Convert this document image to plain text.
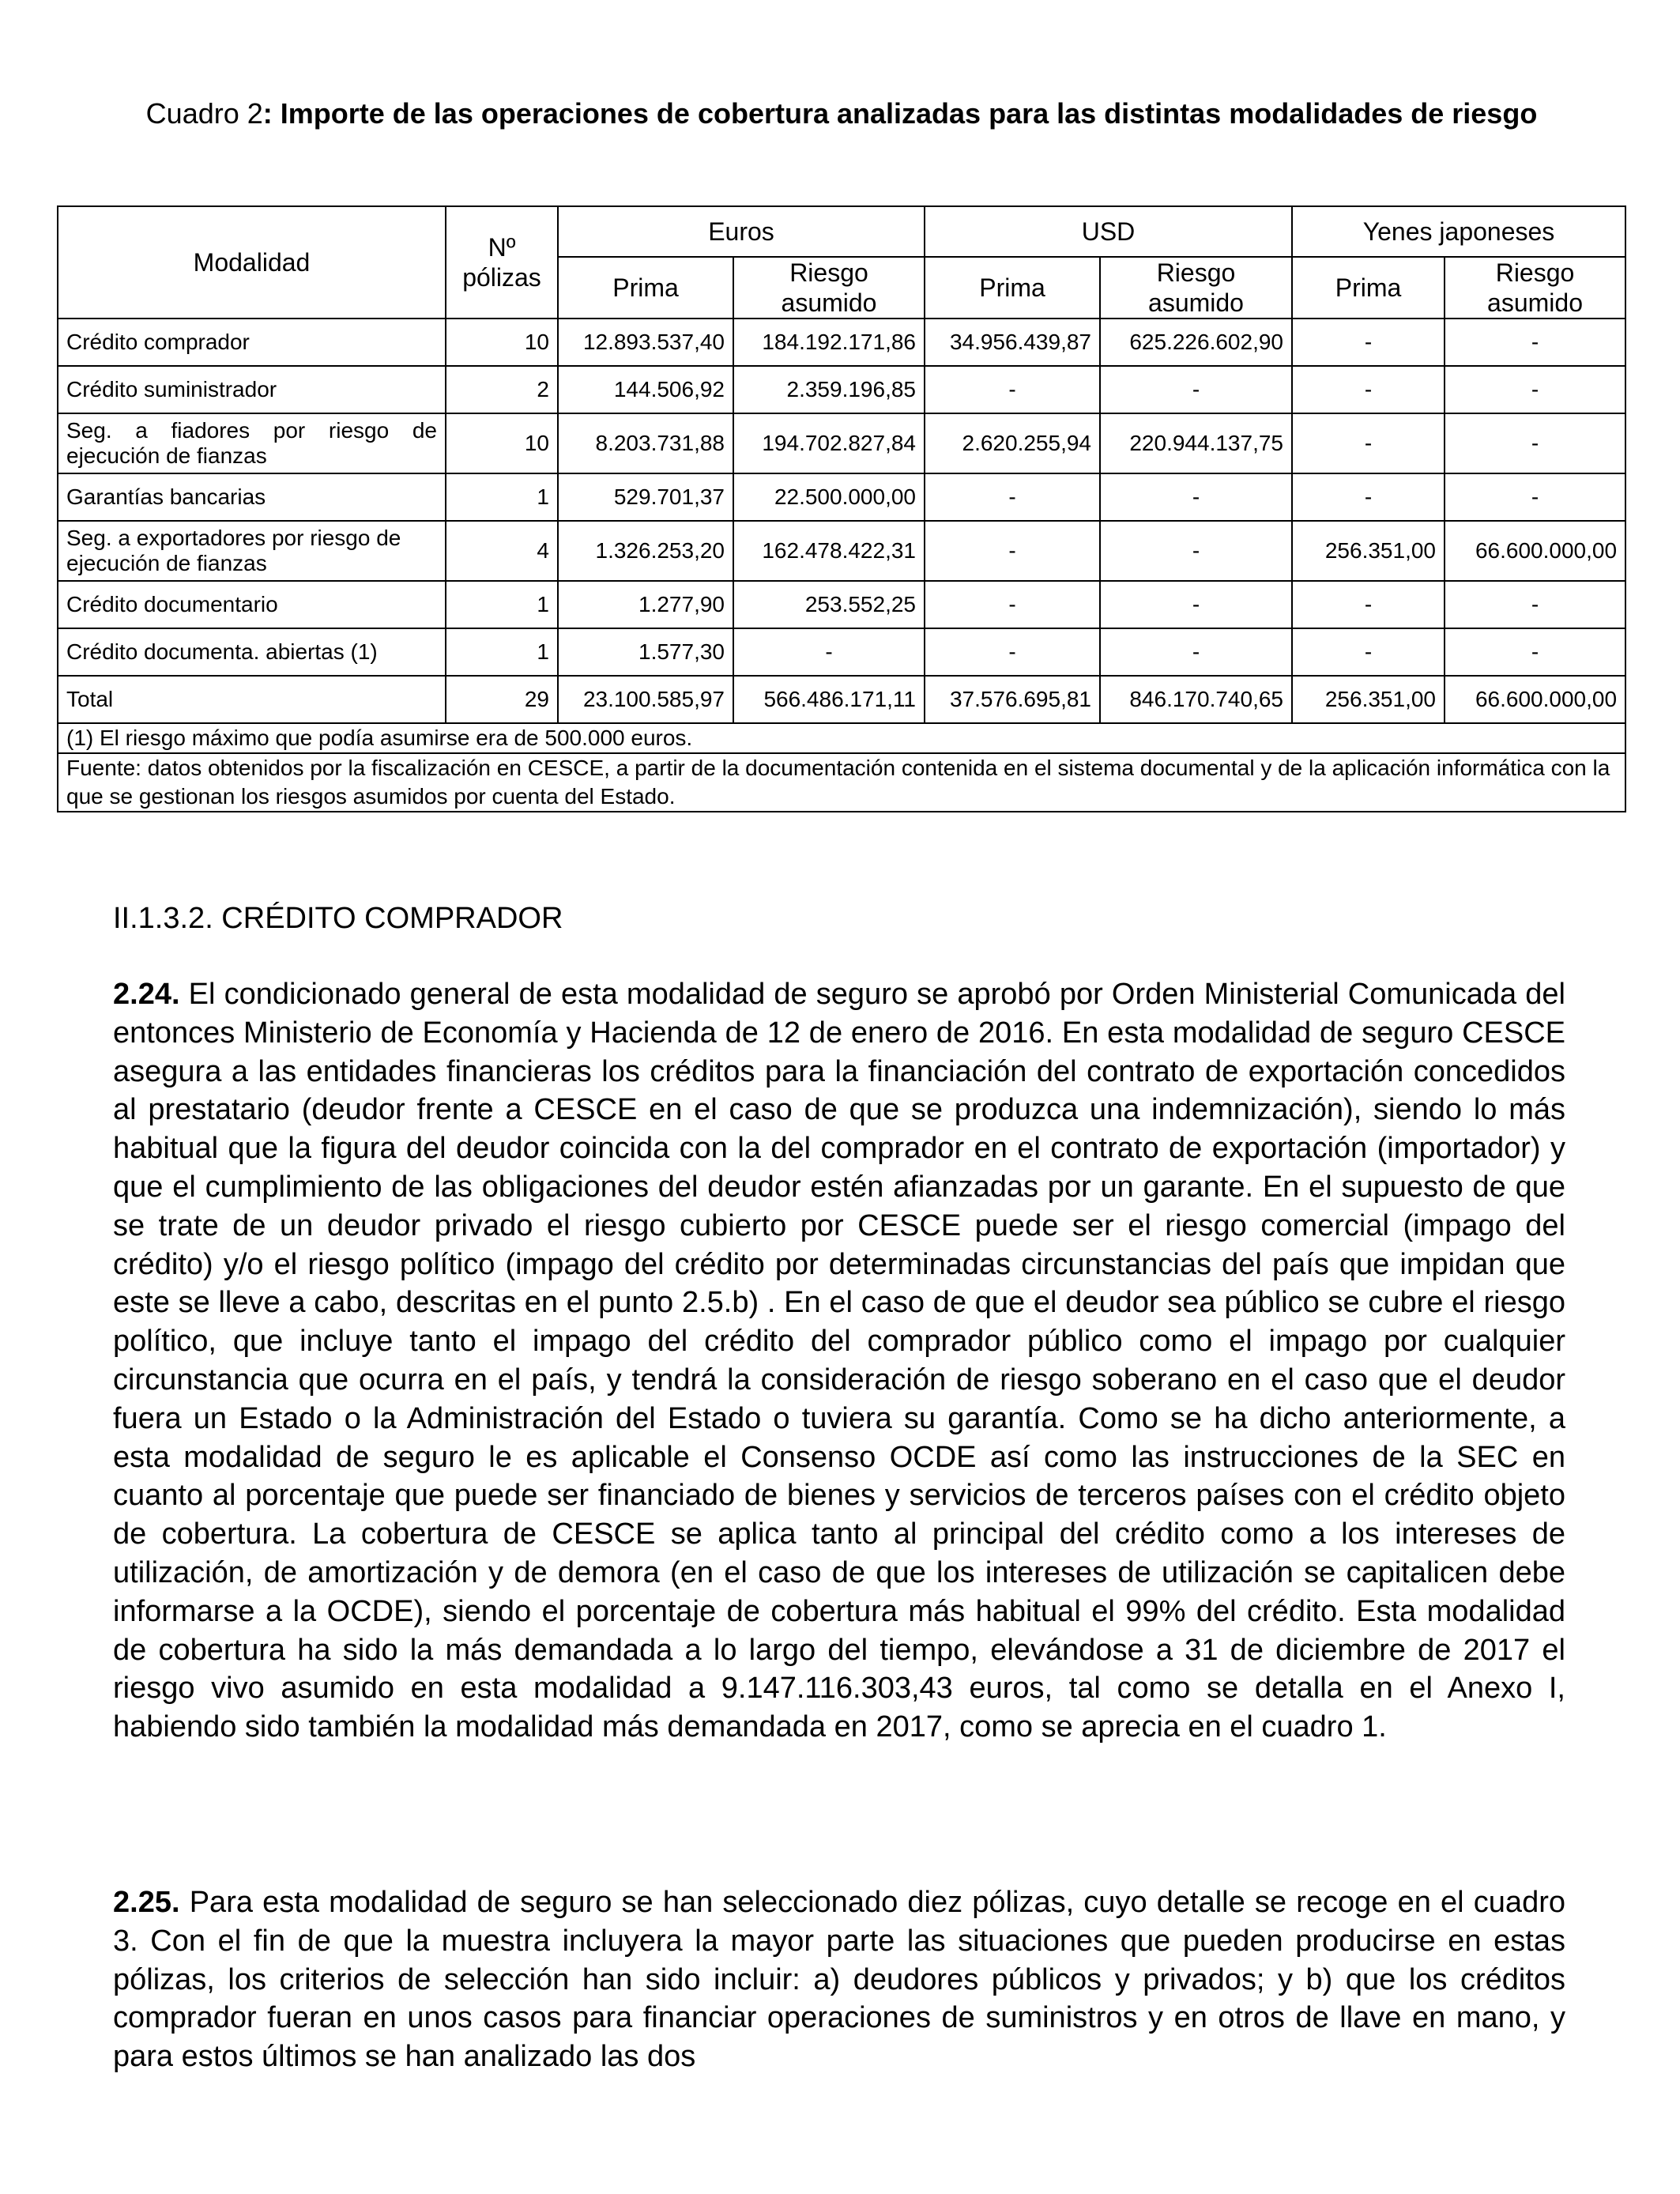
Cuadro 2: Importe de las operaciones de cobertura analizadas para las distintas modalidades de riesgo
Modalidad	Nº pólizas	Euros		USD		Yenes japoneses	
		Prima	Riesgo asumido	Prima	Riesgo asumido	Prima	Riesgo asumido
Crédito comprador	10	12.893.537,40	184.192.171,86	34.956.439,87	625.226.602,90	-	-
Crédito suministrador	2	144.506,92	2.359.196,85	-	-	-	-

Seg. a fiadores por riesgo de ejecución de fianzas	10	8.203.731,88	194.702.827,84	2.620.255,94	220.944.137,75	-	-
Garantías bancarias	1	529.701,37	22.500.000,00	-	-	-	-
Seg. a exportadores por riesgo de ejecución de fianzas	4	1.326.253,20	162.478.422,31	-	-	256.351,00	66.600.000,00
Crédito documentario	1	1.277,90	253.552,25	-	-	-	-
Crédito documenta. abiertas (1)	1	1.577,30	-	-	-	-	-
Total	29	23.100.585,97	566.486.171,11	37.576.695,81	846.170.740,65	256.351,00	66.600.000,00
(1) El riesgo máximo que podía asumirse era de 500.000 euros.							
Fuente: datos obtenidos por la fiscalización en CESCE, a partir de la documentación contenida en el sistema documental y de la aplicación informática con la que se gestionan los riesgos asumidos por cuenta del Estado.							
II.1.3.2. CRÉDITO COMPRADOR

2.24. El condicionado general de esta modalidad de seguro se aprobó por Orden Ministerial Comunicada del entonces Ministerio de Economía y Hacienda de 12 de enero de 2016. En esta modalidad de seguro CESCE asegura a las entidades financieras los créditos para la financiación del contrato de exportación concedidos al prestatario (deudor frente a CESCE en el caso de que se produzca una indemnización), siendo lo más habitual que la figura del deudor coincida con la del comprador en el contrato de exportación (importador) y que el cumplimiento de las obligaciones del deudor estén afianzadas por un garante. En el supuesto de que se trate de un deudor privado el riesgo cubierto por CESCE puede ser el riesgo comercial (impago del crédito) y/o el riesgo político (impago del crédito por determinadas circunstancias del país que impidan que este se lleve a cabo, descritas en el punto 2.5.b) . En el caso de que el deudor sea público se cubre el riesgo político, que incluye tanto el impago del crédito del comprador público como el impago por cualquier circunstancia que ocurra en el país, y tendrá la consideración de riesgo soberano en el caso que el deudor fuera un Estado o la Administración del Estado o tuviera su garantía. Como se ha dicho anteriormente, a esta modalidad de seguro le es aplicable el Consenso OCDE así como las instrucciones de la SEC en cuanto al porcentaje que puede ser financiado de bienes y servicios de terceros países con el crédito objeto de cobertura. La cobertura de CESCE se aplica tanto al principal del crédito como a los intereses de utilización, de amortización y de demora (en el caso de que los intereses de utilización se capitalicen debe informarse a la OCDE), siendo el porcentaje de cobertura más habitual el 99% del crédito. Esta modalidad de cobertura ha sido la más demandada a lo largo del tiempo, elevándose a 31 de diciembre de 2017 el riesgo vivo asumido en esta modalidad a 9.147.116.303,43 euros, tal como se detalla en el Anexo I, habiendo sido también la modalidad más demandada en 2017, como se aprecia en el cuadro 1.

2.25. Para esta modalidad de seguro se han seleccionado diez pólizas, cuyo detalle se recoge en el cuadro 3. Con el fin de que la muestra incluyera la mayor parte las situaciones que pueden producirse en estas pólizas, los criterios de selección han sido incluir: a) deudores públicos y privados; y b) que los créditos comprador fueran en unos casos para financiar operaciones de suministros y en otros de llave en mano, y para estos últimos se han analizado las dos
